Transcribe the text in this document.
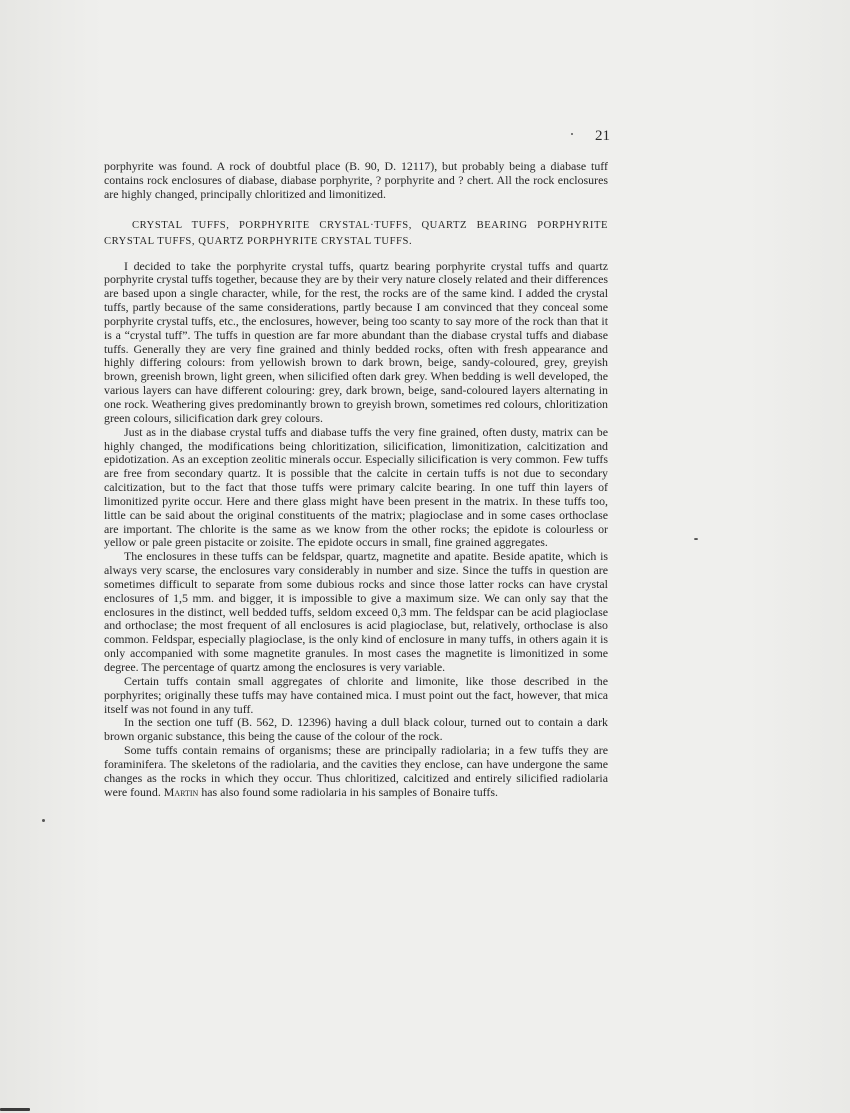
21

porphyrite was found. A rock of doubtful place (B. 90, D. 12117), but probably being a diabase tuff contains rock enclosures of diabase, diabase porphyrite, ? porphyrite and ? chert. All the rock enclosures are highly changed, principally chloritized and limonitized.

CRYSTAL TUFFS, PORPHYRITE CRYSTAL·TUFFS, QUARTZ BEARING PORPHYRITE CRYSTAL TUFFS, QUARTZ PORPHYRITE CRYSTAL TUFFS.

I decided to take the porphyrite crystal tuffs, quartz bearing porphyrite crystal tuffs and quartz porphyrite crystal tuffs together, because they are by their very nature closely related and their differences are based upon a single character, while, for the rest, the rocks are of the same kind. I added the crystal tuffs, partly because of the same considerations, partly because I am convinced that they conceal some porphyrite crystal tuffs, etc., the enclosures, however, being too scanty to say more of the rock than that it is a “crystal tuff”. The tuffs in question are far more abundant than the diabase crystal tuffs and diabase tuffs. Generally they are very fine grained and thinly bedded rocks, often with fresh appearance and highly differing colours: from yellowish brown to dark brown, beige, sandy-coloured, grey, greyish brown, greenish brown, light green, when silicified often dark grey. When bedding is well developed, the various layers can have different colouring: grey, dark brown, beige, sand-coloured layers alternating in one rock. Weathering gives predominantly brown to greyish brown, sometimes red colours, chloritization green colours, silicification dark grey colours.

Just as in the diabase crystal tuffs and diabase tuffs the very fine grained, often dusty, matrix can be highly changed, the modifications being chloritization, silicification, limonitization, calcitization and epidotization. As an exception zeolitic minerals occur. Especially silicification is very common. Few tuffs are free from secondary quartz. It is possible that the calcite in certain tuffs is not due to secondary calcitization, but to the fact that those tuffs were primary calcite bearing. In one tuff thin layers of limonitized pyrite occur. Here and there glass might have been present in the matrix. In these tuffs too, little can be said about the original constituents of the matrix; plagioclase and in some cases orthoclase are important. The chlorite is the same as we know from the other rocks; the epidote is colourless or yellow or pale green pistacite or zoisite. The epidote occurs in small, fine grained aggregates.

The enclosures in these tuffs can be feldspar, quartz, magnetite and apatite. Beside apatite, which is always very scarse, the enclosures vary considerably in number and size. Since the tuffs in question are sometimes difficult to separate from some dubious rocks and since those latter rocks can have crystal enclosures of 1,5 mm. and bigger, it is impossible to give a maximum size. We can only say that the enclosures in the distinct, well bedded tuffs, seldom exceed 0,3 mm. The feldspar can be acid plagioclase and orthoclase; the most frequent of all enclosures is acid plagioclase, but, relatively, orthoclase is also common. Feldspar, especially plagioclase, is the only kind of enclosure in many tuffs, in others again it is only accompanied with some magnetite granules. In most cases the magnetite is limonitized in some degree. The percentage of quartz among the enclosures is very variable.

Certain tuffs contain small aggregates of chlorite and limonite, like those described in the porphyrites; originally these tuffs may have contained mica. I must point out the fact, however, that mica itself was not found in any tuff.

In the section one tuff (B. 562, D. 12396) having a dull black colour, turned out to contain a dark brown organic substance, this being the cause of the colour of the rock.

Some tuffs contain remains of organisms; these are principally radiolaria; in a few tuffs they are foraminifera. The skeletons of the radiolaria, and the cavities they enclose, can have undergone the same changes as the rocks in which they occur. Thus chloritized, calcitized and entirely silicified radiolaria were found. Martin has also found some radiolaria in his samples of Bonaire tuffs.
